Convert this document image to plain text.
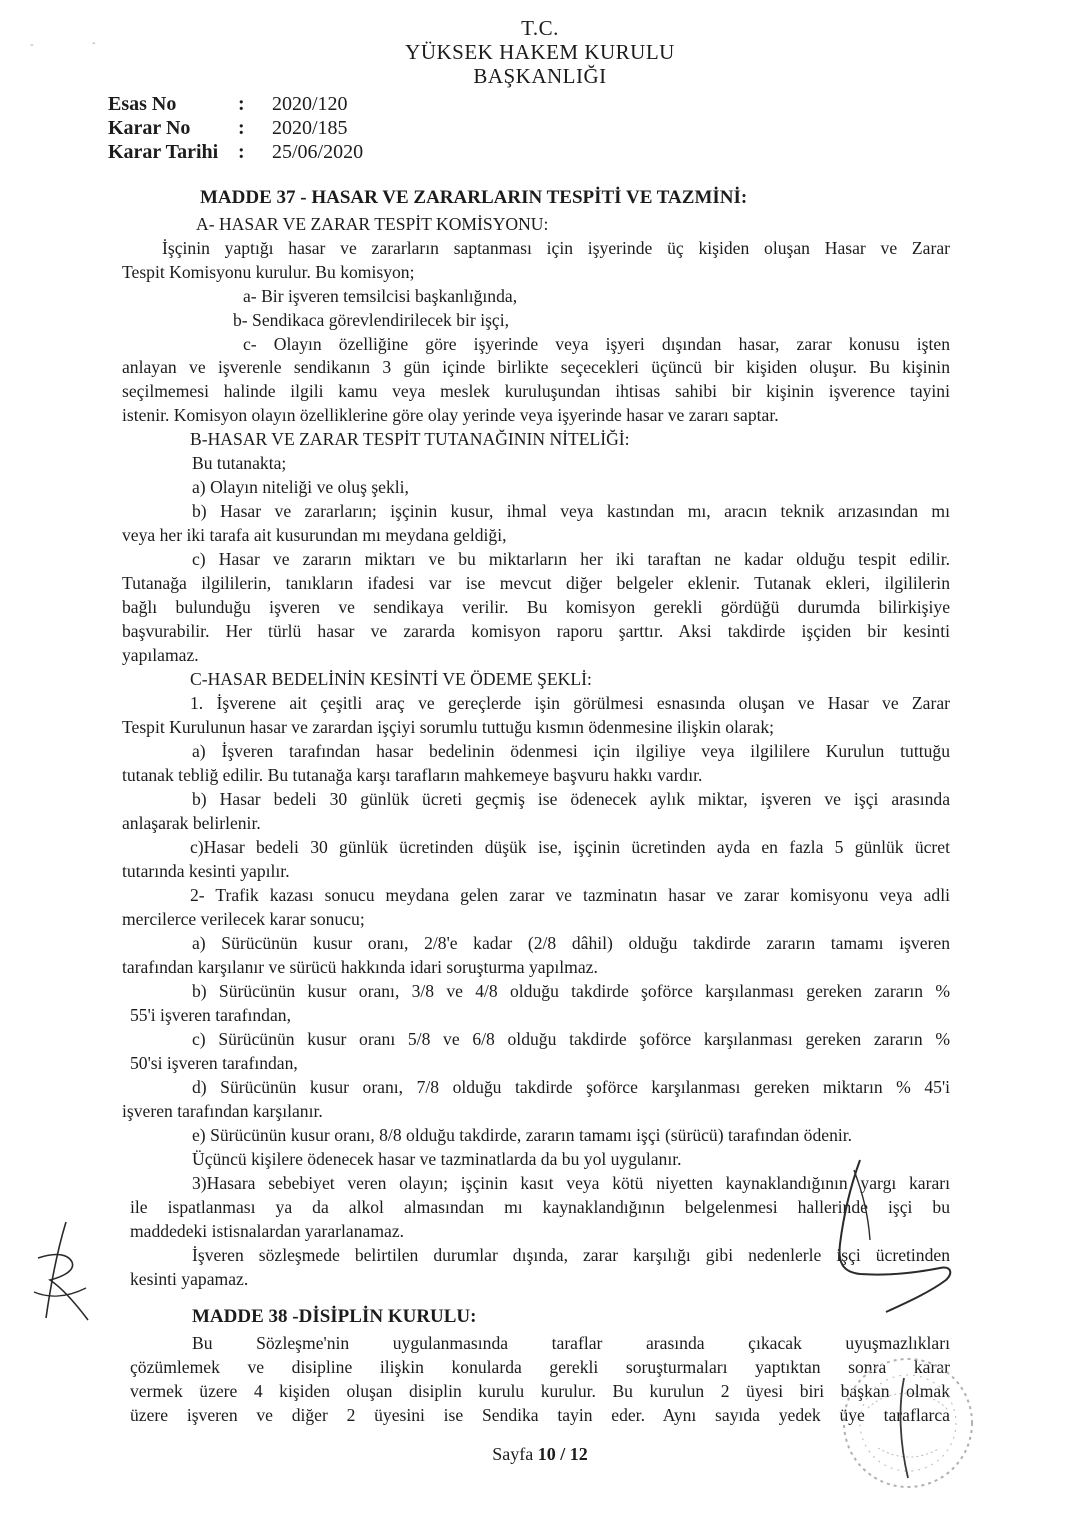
-	-
T.C.
YÜKSEK HAKEM KURULU
BAŞKANLIĞI
Esas No	: 2020/120
Karar No : 2020/185
Karar Tarihi : 25/06/2020
MADDE 37 - HASAR VE ZARARLARIN TESPİTİ VE TAZMİNİ:
A- HASAR VE ZARAR TESPİT KOMİSYONU:
İşçinin yaptığı hasar ve zararların saptanması için işyerinde üç kişiden oluşan Hasar ve Zarar
Tespit Komisyonu kurulur. Bu komisyon;
a- Bir işveren temsilcisi başkanlığında,
b- Sendikaca görevlendirilecek bir işçi,
c- Olayın özelliğine göre işyerinde veya işyeri dışından hasar, zarar konusu işten
anlayan ve işverenle sendikanın 3 gün içinde birlikte seçecekleri üçüncü bir kişiden oluşur. Bu kişinin
seçilmemesi halinde ilgili kamu veya meslek kuruluşundan ihtisas sahibi bir kişinin işverence tayini
istenir. Komisyon olayın özelliklerine göre olay yerinde veya işyerinde hasar ve zararı saptar.
B-HASAR VE ZARAR TESPİT TUTANAĞININ NİTELİĞİ:
Bu tutanakta;
a) Olayın niteliği ve oluş şekli,
b) Hasar ve zararların; işçinin kusur, ihmal veya kastından mı, aracın teknik arızasından mı
veya her iki tarafa ait kusurundan mı meydana geldiği,
c) Hasar ve zararın miktarı ve bu miktarların her iki taraftan ne kadar olduğu tespit edilir.
Tutanağa ilgililerin, tanıkların ifadesi var ise mevcut diğer belgeler eklenir. Tutanak ekleri, ilgililerin
bağlı bulunduğu işveren ve sendikaya verilir. Bu komisyon gerekli gördüğü durumda bilirkişiye
başvurabilir. Her türlü hasar ve zararda komisyon raporu şarttır. Aksi takdirde işçiden bir kesinti
yapılamaz.
C-HASAR BEDELİNİN KESİNTİ VE ÖDEME ŞEKLİ:
1. İşverene ait çeşitli araç ve gereçlerde işin görülmesi esnasında oluşan ve Hasar ve Zarar
Tespit Kurulunun hasar ve zarardan işçiyi sorumlu tuttuğu kısmın ödenmesine ilişkin olarak;
a) İşveren tarafından hasar bedelinin ödenmesi için ilgiliye veya ilgililere Kurulun tuttuğu
tutanak tebliğ edilir. Bu tutanağa karşı tarafların mahkemeye başvuru hakkı vardır.
b) Hasar bedeli 30 günlük ücreti geçmiş ise ödenecek aylık miktar, işveren ve işçi arasında
anlaşarak belirlenir.
c)Hasar bedeli 30 günlük ücretinden düşük ise, işçinin ücretinden ayda en fazla 5 günlük ücret
tutarında kesinti yapılır.
2- Trafik kazası sonucu meydana gelen zarar ve tazminatın hasar ve zarar komisyonu veya adli
mercilerce verilecek karar sonucu;
a) Sürücünün kusur oranı, 2/8'e kadar (2/8 dâhil) olduğu takdirde zararın tamamı işveren
tarafından karşılanır ve sürücü hakkında idari soruşturma yapılmaz.
b) Sürücünün kusur oranı, 3/8 ve 4/8 olduğu takdirde şoförce karşılanması gereken zararın %
55'i işveren tarafından,
c) Sürücünün kusur oranı 5/8 ve 6/8 olduğu takdirde şoförce karşılanması gereken zararın %
50'si işveren tarafından,
d) Sürücünün kusur oranı, 7/8 olduğu takdirde şoförce karşılanması gereken miktarın % 45'i
işveren tarafından karşılanır.
e) Sürücünün kusur oranı, 8/8 olduğu takdirde, zararın tamamı işçi (sürücü) tarafından ödenir.
Üçüncü kişilere ödenecek hasar ve tazminatlarda da bu yol uygulanır.
3)Hasara sebebiyet veren olayın; işçinin kasıt veya kötü niyetten kaynaklandığının yargı kararı
ile ispatlanması ya da alkol almasından mı kaynaklandığının belgelenmesi hallerinde işçi bu
maddedeki istisnalardan yararlanamaz.
İşveren sözleşmede belirtilen durumlar dışında, zarar karşılığı gibi nedenlerle işçi ücretinden
kesinti yapamaz.
MADDE 38 -DİSİPLİN KURULU:
Bu Sözleşme'nin uygulanmasında taraflar arasında çıkacak uyuşmazlıkları
çözümlemek ve disipline ilişkin konularda gerekli soruşturmaları yaptıktan sonra karar
vermek üzere 4 kişiden oluşan disiplin kurulu kurulur. Bu kurulun 2 üyesi biri başkan olmak
üzere işveren ve diğer 2 üyesini ise Sendika tayin eder. Aynı sayıda yedek üye taraflarca
Sayfa 10 / 12
